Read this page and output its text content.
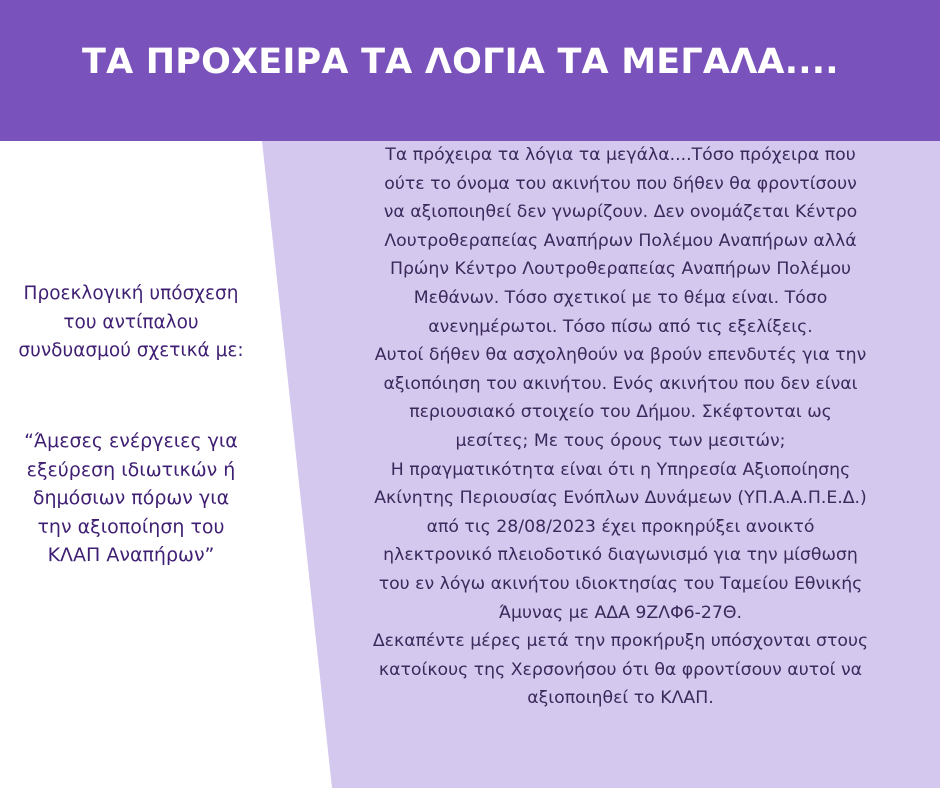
ΤΑ ΠΡΟΧΕΙΡΑ ΤΑ ΛΟΓΙΑ ΤΑ ΜΕΓΑΛΑ....

Προεκλογική υπόσχεση
του αντίπαλου
συνδυασμού σχετικά με:

“Άμεσες ενέργειες για
εξεύρεση ιδιωτικών ή
δημόσιων πόρων για
την αξιοποίηση του
ΚΛΑΠ Αναπήρων”

Τα πρόχειρα τα λόγια τα μεγάλα....Τόσο πρόχειρα που
ούτε το όνομα του ακινήτου που δήθεν θα φροντίσουν
να αξιοποιηθεί δεν γνωρίζουν. Δεν ονομάζεται Κέντρο
Λουτροθεραπείας Αναπήρων Πολέμου Αναπήρων αλλά
Πρώην Κέντρο Λουτροθεραπείας Αναπήρων Πολέμου
Μεθάνων. Τόσο σχετικοί με το θέμα είναι. Τόσο
ανενημέρωτοι. Τόσο πίσω από τις εξελίξεις.

Αυτοί δήθεν θα ασχοληθούν να βρούν επενδυτές για την
αξιοπόιηση του ακινήτου. Ενός ακινήτου που δεν είναι
περιουσιακό στοιχείο του Δήμου. Σκέφτονται ως
μεσίτες; Με τους όρους των μεσιτών;

Η πραγματικότητα είναι ότι η Υπηρεσία Αξιοποίησης
Ακίνητης Περιουσίας Ενόπλων Δυνάμεων (ΥΠ.Α.Α.Π.Ε.Δ.)
από τις 28/08/2023 έχει προκηρύξει ανοικτό
ηλεκτρονικό πλειοδοτικό διαγωνισμό για την μίσθωση
του εν λόγω ακινήτου ιδιοκτησίας του Ταμείου Εθνικής
Άμυνας με ΑΔΑ 9ΖΛΦ6-27Θ.

Δεκαπέντε μέρες μετά την προκήρυξη υπόσχονται στους
κατοίκους της Χερσονήσου ότι θα φροντίσουν αυτοί να
αξιοποιηθεί το ΚΛΑΠ.
